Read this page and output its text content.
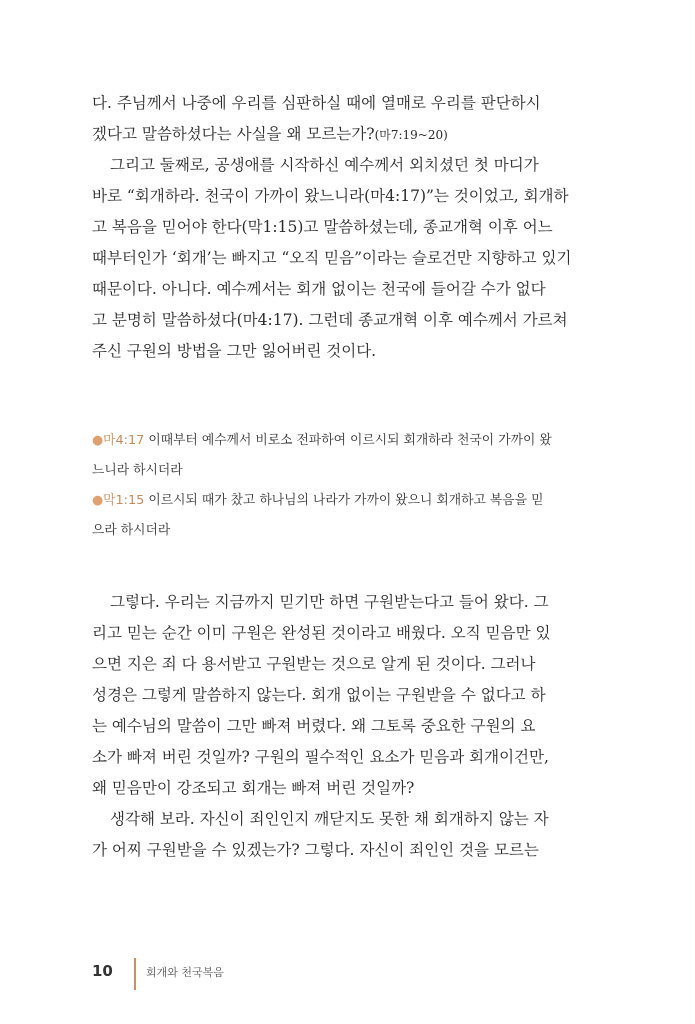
다. 주님께서 나중에 우리를 심판하실 때에 열매로 우리를 판단하시
겠다고 말씀하셨다는 사실을 왜 모르는가?(마7:19~20)
그리고 둘째로, 공생애를 시작하신 예수께서 외치셨던 첫 마디가
바로 “회개하라. 천국이 가까이 왔느니라(마4:17)”는 것이었고, 회개하
고 복음을 믿어야 한다(막1:15)고 말씀하셨는데, 종교개혁 이후 어느
때부터인가 ‘회개’는 빠지고 “오직 믿음”이라는 슬로건만 지향하고 있기
때문이다. 아니다. 예수께서는 회개 없이는 천국에 들어갈 수가 없다
고 분명히 말씀하셨다(마4:17). 그런데 종교개혁 이후 예수께서 가르쳐
주신 구원의 방법을 그만 잃어버린 것이다.
●마4:17 이때부터 예수께서 비로소 전파하여 이르시되 회개하라 천국이 가까이 왔
느니라 하시더라
●막1:15 이르시되 때가 찼고 하나님의 나라가 가까이 왔으니 회개하고 복음을 믿
으라 하시더라
그렇다. 우리는 지금까지 믿기만 하면 구원받는다고 들어 왔다. 그
리고 믿는 순간 이미 구원은 완성된 것이라고 배웠다. 오직 믿음만 있
으면 지은 죄 다 용서받고 구원받는 것으로 알게 된 것이다. 그러나
성경은 그렇게 말씀하지 않는다. 회개 없이는 구원받을 수 없다고 하
는 예수님의 말씀이 그만 빠져 버렸다. 왜 그토록 중요한 구원의 요
소가 빠져 버린 것일까? 구원의 필수적인 요소가 믿음과 회개이건만,
왜 믿음만이 강조되고 회개는 빠져 버린 것일까?
생각해 보라. 자신이 죄인인지 깨닫지도 못한 채 회개하지 않는 자
가 어찌 구원받을 수 있겠는가? 그렇다. 자신이 죄인인 것을 모르는
10	회개와 천국복음
